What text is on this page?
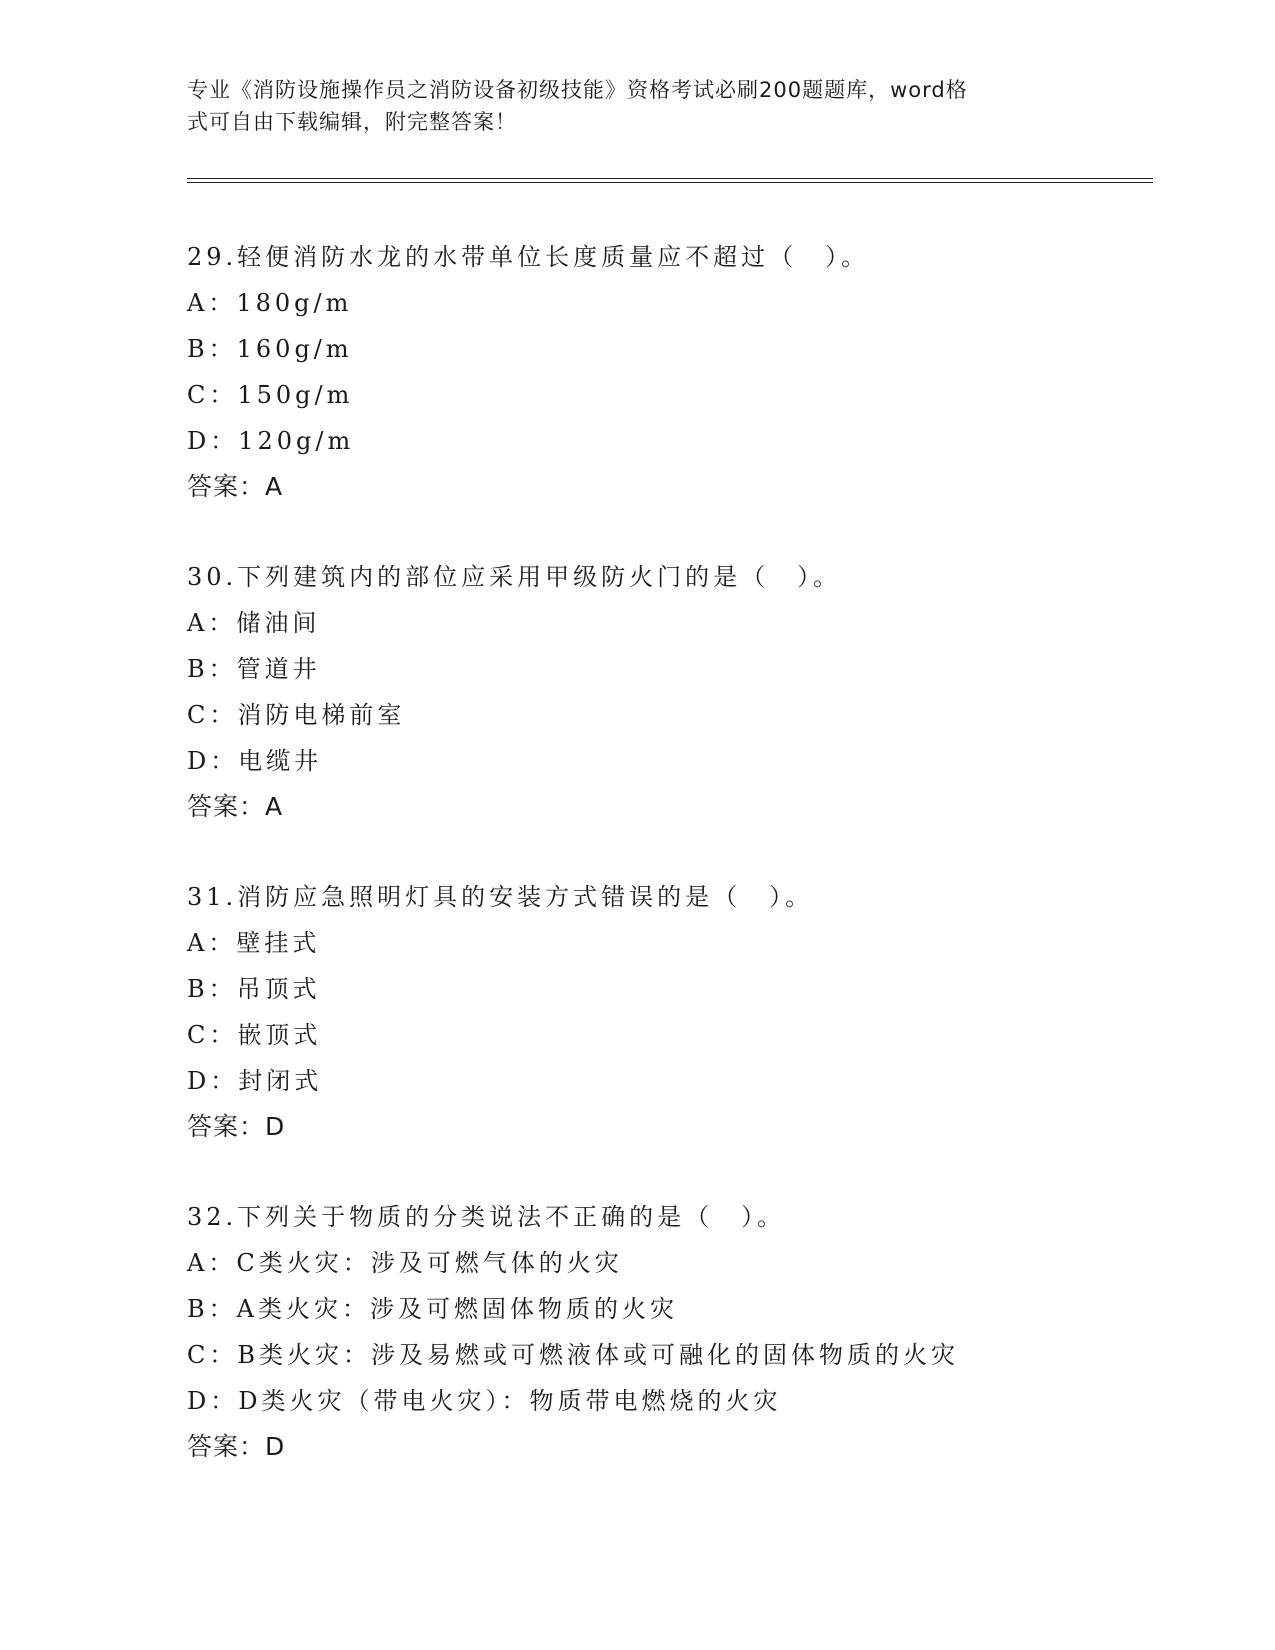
专业《消防设施操作员之消防设备初级技能》资格考试必刷200题题库，word格
式可自由下载编辑，附完整答案！
29.轻便消防水龙的水带单位长度质量应不超过（　）。
A：180g/m
B：160g/m
C：150g/m
D：120g/m
答案：A
30.下列建筑内的部位应采用甲级防火门的是（　）。
A：储油间
B：管道井
C：消防电梯前室
D：电缆井
答案：A
31.消防应急照明灯具的安装方式错误的是（　）。
A：壁挂式
B：吊顶式
C：嵌顶式
D：封闭式
答案：D
32.下列关于物质的分类说法不正确的是（　）。
A：C类火灾：涉及可燃气体的火灾
B：A类火灾：涉及可燃固体物质的火灾
C：B类火灾：涉及易燃或可燃液体或可融化的固体物质的火灾
D：D类火灾（带电火灾）：物质带电燃烧的火灾
答案：D
